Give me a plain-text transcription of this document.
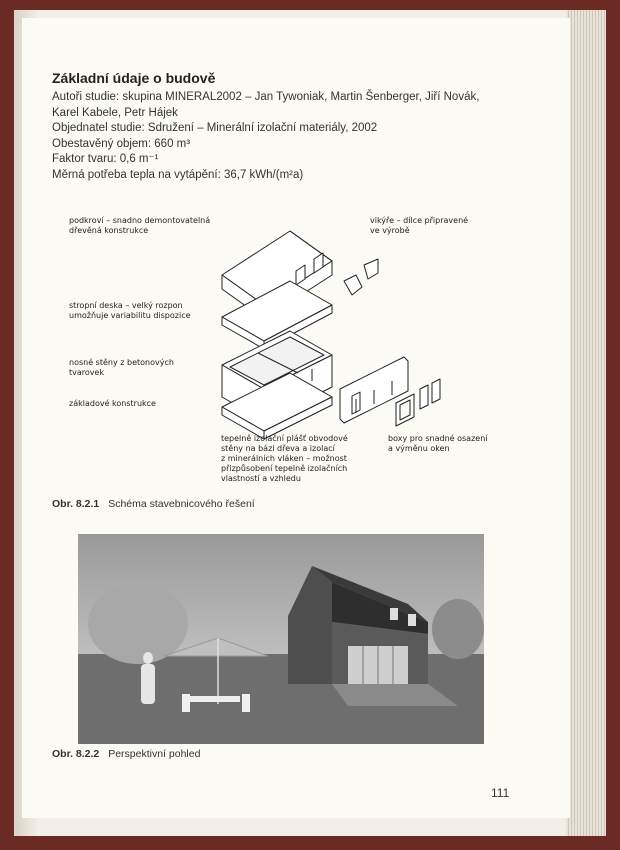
Základní údaje o budově
Autoři studie: skupina MINERAL2002 – Jan Tywoniak, Martin Šenberger, Jiří Novák,
Karel Kabele, Petr Hájek
Objednatel studie: Sdružení – Minerální izolační materiály, 2002
Obestavěný objem: 660 m³
Faktor tvaru: 0,6 m⁻¹
Měrná potřeba tepla na vytápění: 36,7 kWh/(m²a)
podkroví – snadno demontovatelná
dřevěná konstrukce
vikýře – dílce připravené
ve výrobě
stropní deska – velký rozpon
umožňuje variabilitu dispozice
nosné stěny z betonových
tvarovek
základové konstrukce
tepelně izolační plášť obvodové
stěny na bázi dřeva a izolací
z minerálních vláken – možnost
přizpůsobení tepelně izolačních
vlastností a vzhledu
boxy pro snadné osazení
a výměnu oken
Obr. 8.2.1 Schéma stavebnicového řešení
Obr. 8.2.2 Perspektivní pohled
111
